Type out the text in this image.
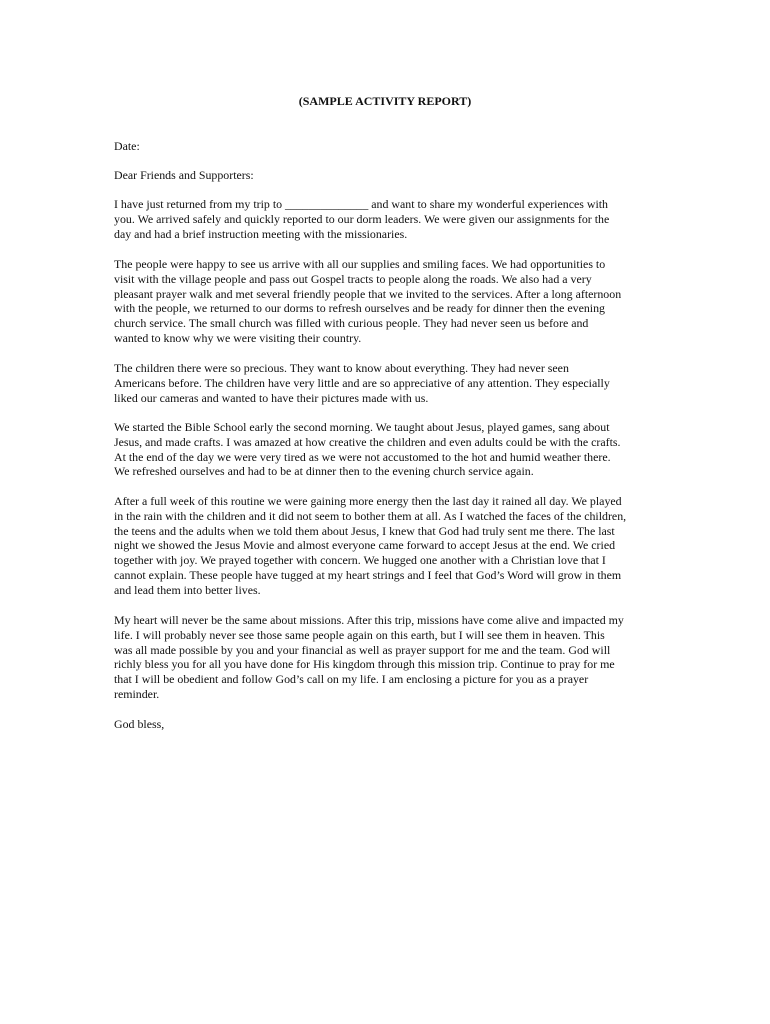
(SAMPLE ACTIVITY REPORT)

Date:

Dear Friends and Supporters:

I have just returned from my trip to ______________ and want to share my wonderful experiences with
you. We arrived safely and quickly reported to our dorm leaders. We were given our assignments for the
day and had a brief instruction meeting with the missionaries.

The people were happy to see us arrive with all our supplies and smiling faces. We had opportunities to
visit with the village people and pass out Gospel tracts to people along the roads. We also had a very
pleasant prayer walk and met several friendly people that we invited to the services. After a long afternoon
with the people, we returned to our dorms to refresh ourselves and be ready for dinner then the evening
church service. The small church was filled with curious people. They had never seen us before and
wanted to know why we were visiting their country.

The children there were so precious. They want to know about everything. They had never seen
Americans before. The children have very little and are so appreciative of any attention. They especially
liked our cameras and wanted to have their pictures made with us.

We started the Bible School early the second morning. We taught about Jesus, played games, sang about
Jesus, and made crafts. I was amazed at how creative the children and even adults could be with the crafts.
At the end of the day we were very tired as we were not accustomed to the hot and humid weather there.
We refreshed ourselves and had to be at dinner then to the evening church service again.

After a full week of this routine we were gaining more energy then the last day it rained all day. We played
in the rain with the children and it did not seem to bother them at all. As I watched the faces of the children,
the teens and the adults when we told them about Jesus, I knew that God had truly sent me there. The last
night we showed the Jesus Movie and almost everyone came forward to accept Jesus at the end. We cried
together with joy. We prayed together with concern. We hugged one another with a Christian love that I
cannot explain. These people have tugged at my heart strings and I feel that God’s Word will grow in them
and lead them into better lives.

My heart will never be the same about missions. After this trip, missions have come alive and impacted my
life. I will probably never see those same people again on this earth, but I will see them in heaven. This
was all made possible by you and your financial as well as prayer support for me and the team. God will
richly bless you for all you have done for His kingdom through this mission trip. Continue to pray for me
that I will be obedient and follow God’s call on my life. I am enclosing a picture for you as a prayer
reminder.

God bless,
